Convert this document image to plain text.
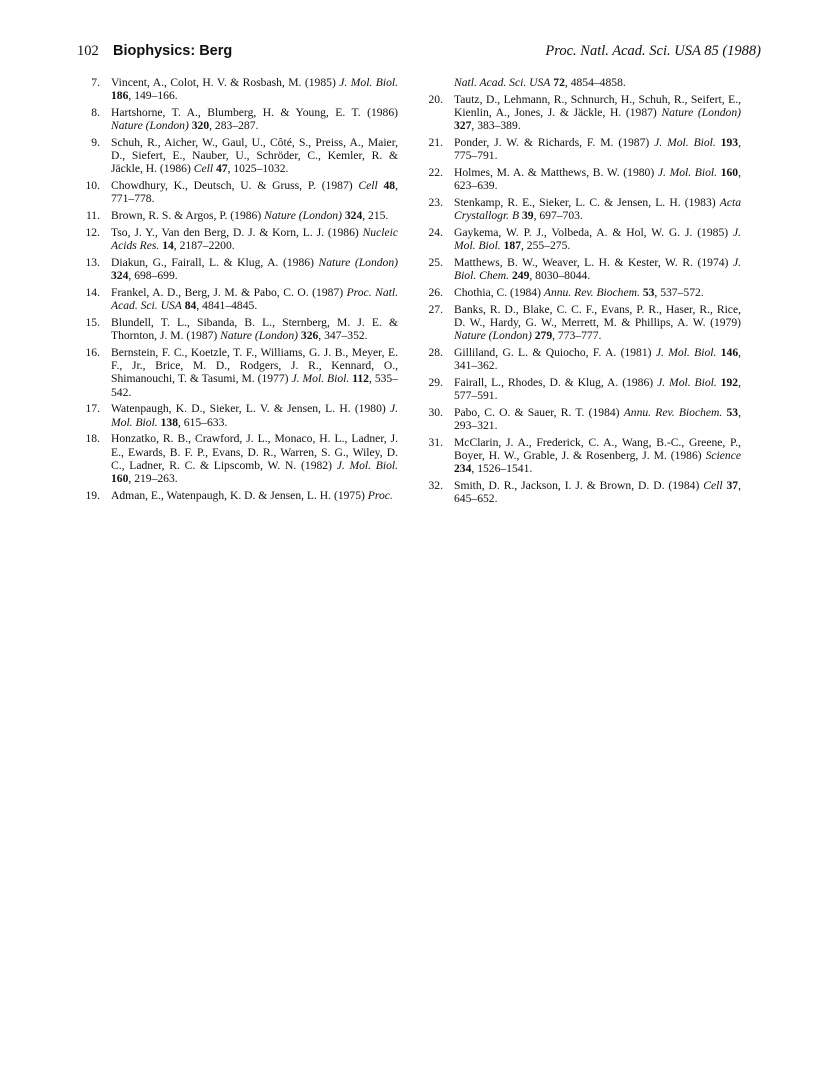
102 Biophysics: Berg	Proc. Natl. Acad. Sci. USA 85 (1988)
7. Vincent, A., Colot, H. V. & Rosbash, M. (1985) J. Mol. Biol. 186, 149–166.
8. Hartshorne, T. A., Blumberg, H. & Young, E. T. (1986) Nature (London) 320, 283–287.
9. Schuh, R., Aicher, W., Gaul, U., Côté, S., Preiss, A., Maier, D., Siefert, E., Nauber, U., Schröder, C., Kemler, R. & Jäckle, H. (1986) Cell 47, 1025–1032.
10. Chowdhury, K., Deutsch, U. & Gruss, P. (1987) Cell 48, 771–778.
11. Brown, R. S. & Argos, P. (1986) Nature (London) 324, 215.
12. Tso, J. Y., Van den Berg, D. J. & Korn, L. J. (1986) Nucleic Acids Res. 14, 2187–2200.
13. Diakun, G., Fairall, L. & Klug, A. (1986) Nature (London) 324, 698–699.
14. Frankel, A. D., Berg, J. M. & Pabo, C. O. (1987) Proc. Natl. Acad. Sci. USA 84, 4841–4845.
15. Blundell, T. L., Sibanda, B. L., Sternberg, M. J. E. & Thornton, J. M. (1987) Nature (London) 326, 347–352.
16. Bernstein, F. C., Koetzle, T. F., Williams, G. J. B., Meyer, E. F., Jr., Brice, M. D., Rodgers, J. R., Kennard, O., Shimanouchi, T. & Tasumi, M. (1977) J. Mol. Biol. 112, 535–542.
17. Watenpaugh, K. D., Sieker, L. V. & Jensen, L. H. (1980) J. Mol. Biol. 138, 615–633.
18. Honzatko, R. B., Crawford, J. L., Monaco, H. L., Ladner, J. E., Ewards, B. F. P., Evans, D. R., Warren, S. G., Wiley, D. C., Ladner, R. C. & Lipscomb, W. N. (1982) J. Mol. Biol. 160, 219–263.
19. Adman, E., Watenpaugh, K. D. & Jensen, L. H. (1975) Proc.
Natl. Acad. Sci. USA 72, 4854–4858.
20. Tautz, D., Lehmann, R., Schnurch, H., Schuh, R., Seifert, E., Kienlin, A., Jones, J. & Jäckle, H. (1987) Nature (London) 327, 383–389.
21. Ponder, J. W. & Richards, F. M. (1987) J. Mol. Biol. 193, 775–791.
22. Holmes, M. A. & Matthews, B. W. (1980) J. Mol. Biol. 160, 623–639.
23. Stenkamp, R. E., Sieker, L. C. & Jensen, L. H. (1983) Acta Crystallogr. B 39, 697–703.
24. Gaykema, W. P. J., Volbeda, A. & Hol, W. G. J. (1985) J. Mol. Biol. 187, 255–275.
25. Matthews, B. W., Weaver, L. H. & Kester, W. R. (1974) J. Biol. Chem. 249, 8030–8044.
26. Chothia, C. (1984) Annu. Rev. Biochem. 53, 537–572.
27. Banks, R. D., Blake, C. C. F., Evans, P. R., Haser, R., Rice, D. W., Hardy, G. W., Merrett, M. & Phillips, A. W. (1979) Nature (London) 279, 773–777.
28. Gilliland, G. L. & Quiocho, F. A. (1981) J. Mol. Biol. 146, 341–362.
29. Fairall, L., Rhodes, D. & Klug, A. (1986) J. Mol. Biol. 192, 577–591.
30. Pabo, C. O. & Sauer, R. T. (1984) Annu. Rev. Biochem. 53, 293–321.
31. McClarin, J. A., Frederick, C. A., Wang, B.-C., Greene, P., Boyer, H. W., Grable, J. & Rosenberg, J. M. (1986) Science 234, 1526–1541.
32. Smith, D. R., Jackson, I. J. & Brown, D. D. (1984) Cell 37, 645–652.
